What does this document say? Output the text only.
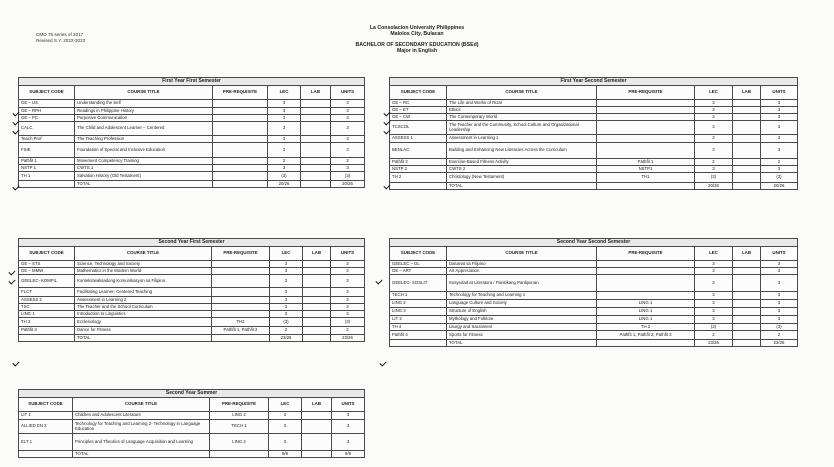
CMO 75 series of 2017
Revised S.Y. 2022-2023
La Consolacion University Philippines
Malolos City, Bulacan
BACHELOR OF SECONDARY EDUCATION (BSEd)
Major in English
First Year First Semester					
SUBJECT CODE	COURSE TITLE	PRE-REQUISITE	LEC	LAB	UNITS
GE – US	Understanding the Self		3		3
GE – RPH	Readings in Philippine History		3		3
GE – PC	Purposive Communication		3		3
CALC	The Child and Adolescent Learner – Centered		3		3
Teach Prof	The Teaching Profession		3		3
FSIE	Foundation of Special and Inclusive Education		3		3
Pathfit 1	Movement Competency Training		2		2
NSTP 1	CWTS 1		3		3
TH 1	Salvation History (Old Testament)		(3)		(3)
	TOTAL		20/26		20/26
First Year Second Semester					
SUBJECT CODE	COURSE TITLE	PRE-REQUISITE	LEC	LAB	UNITS
GE – RC	The Life and Works of Rizal		3		3
GE – ET	Ethics		3		3
GE – CW	The Contemporary World		3		3
TCSCOL	The Teacher and the Community, School Culture and Organizational Leadership		3		3
ASSESS 1	Assessment in Learning 1		3		3
BENLAC	Building and Enhancing New Literacies Across the Curriculum		3		3
Pathfit 2	Exercise-Based Fitness Activity	Pathfit 1	2		2
NSTP 2	CWTS 2	NSTP1	3		3
TH 2	Christology (New Testament)	TH1	(3)		(3)
	TOTAL		20/26		20/26
Second Year First Semester					
SUBJECT CODE	COURSE TITLE	PRE-REQUISITE	LEC	LAB	UNITS
GE – STS	Science, Technology and Society		3		3
GE – MMW	Mathematics in the Modern World		3		3
GEELEC- KOMFIL	Kontekstwalisadong Komunikasyon sa Filipino		3		3
FLCT	Facilitating Learner- Centered Teaching		3		3
ASSESS 2	Assessment in Learning 2		3		3
TSC	The Teacher and the School Curriculum		3		3
LING 1	Introduction to Linguistics		3		3
TH 3	Ecclesiology	TH2	(3)		(3)
Pathfit 3	Dance for Fitness	Pathfit 1, Pathfit 2	2		2
	TOTAL		23/26		23/26
Second Year Second Semester					
SUBJECT CODE	COURSE TITLE	PRE-REQUISITE	LEC	LAB	UNITS
GEELEC – DL	Dalumat sa Filipino		3		3
GE – ART	Art Appreciation		3		3
GEELEC- SOSLIT	Sosyedad at Literatura / Panitikang Panlipunan		3		3
TECH 1	Technology for Teaching and Learning 1		3		3
LING 2	Language Culture and Society	LING 1	3		3
LING 3	Structure of English	LING 1	3		3
LIT 2	Mythology and Folklore	LING 1	3		3
TH 4	Liturgy and Sacrament	TH 2	(3)		(3)
Pathfit 4	Sports for Fitness	Pathfit 1, Pathfit 2, Pathfit 3	2		2
	TOTAL		23/26		23/26
Second Year Summer					
SUBJECT CODE	COURSE TITLE	PRE-REQUISITE	LEC	LAB	UNITS
LIT 1	Children and Adolescent Literature	LING 2	3		3
ALLIED EN 2	Technology for Teaching and Learning 2- Technology in Language Education	TECH 1	3		3
ELT 1	Principles and Theories of Language Acquisition and Learning	LING 2	3		3
	TOTAL		9/9		9/9
